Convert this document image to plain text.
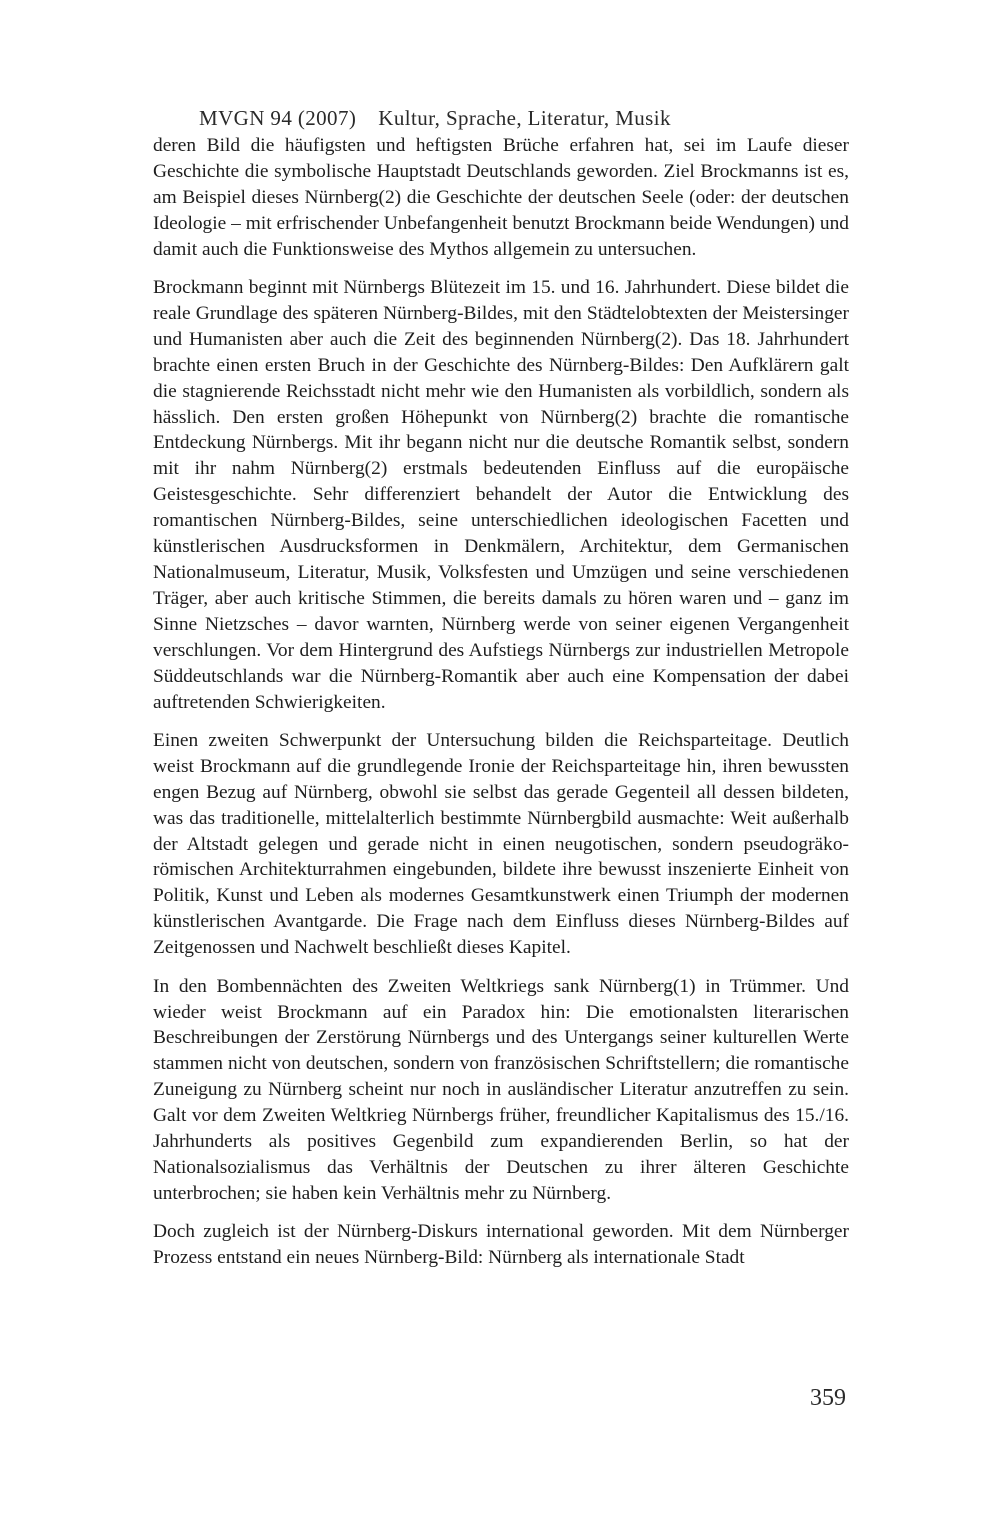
MVGN 94 (2007) Kultur, Sprache, Literatur, Musik

deren Bild die häufigsten und heftigsten Brüche erfahren hat, sei im Laufe dieser Geschichte die symbolische Hauptstadt Deutschlands geworden. Ziel Brockmanns ist es, am Beispiel dieses Nürnberg(2) die Geschichte der deutschen Seele (oder: der deutschen Ideologie – mit erfrischender Unbefangenheit benutzt Brockmann beide Wendungen) und damit auch die Funktionsweise des Mythos allgemein zu untersuchen.

Brockmann beginnt mit Nürnbergs Blütezeit im 15. und 16. Jahrhundert. Diese bildet die reale Grundlage des späteren Nürnberg-Bildes, mit den Städtelobtexten der Meistersinger und Humanisten aber auch die Zeit des beginnenden Nürnberg(2). Das 18. Jahrhundert brachte einen ersten Bruch in der Geschichte des Nürnberg-Bildes: Den Aufklärern galt die stagnierende Reichsstadt nicht mehr wie den Humanisten als vorbildlich, sondern als hässlich. Den ersten großen Höhepunkt von Nürnberg(2) brachte die romantische Entdeckung Nürnbergs. Mit ihr begann nicht nur die deutsche Romantik selbst, sondern mit ihr nahm Nürnberg(2) erstmals bedeutenden Einfluss auf die europäische Geistesgeschichte. Sehr differenziert behandelt der Autor die Entwicklung des romantischen Nürnberg-Bildes, seine unterschiedlichen ideologischen Facetten und künstlerischen Ausdrucksformen in Denkmälern, Architektur, dem Germanischen Nationalmuseum, Literatur, Musik, Volksfesten und Umzügen und seine verschiedenen Träger, aber auch kritische Stimmen, die bereits damals zu hören waren und – ganz im Sinne Nietzsches – davor warnten, Nürnberg werde von seiner eigenen Vergangenheit verschlungen. Vor dem Hintergrund des Aufstiegs Nürnbergs zur industriellen Metropole Süddeutschlands war die Nürnberg-Romantik aber auch eine Kompensation der dabei auftretenden Schwierigkeiten.

Einen zweiten Schwerpunkt der Untersuchung bilden die Reichsparteitage. Deutlich weist Brockmann auf die grundlegende Ironie der Reichsparteitage hin, ihren bewussten engen Bezug auf Nürnberg, obwohl sie selbst das gerade Gegenteil all dessen bildeten, was das traditionelle, mittelalterlich bestimmte Nürnbergbild ausmachte: Weit außerhalb der Altstadt gelegen und gerade nicht in einen neugotischen, sondern pseudogräko-römischen Architekturrahmen eingebunden, bildete ihre bewusst inszenierte Einheit von Politik, Kunst und Leben als modernes Gesamtkunstwerk einen Triumph der modernen künstlerischen Avantgarde. Die Frage nach dem Einfluss dieses Nürnberg-Bildes auf Zeitgenossen und Nachwelt beschließt dieses Kapitel.

In den Bombennächten des Zweiten Weltkriegs sank Nürnberg(1) in Trümmer. Und wieder weist Brockmann auf ein Paradox hin: Die emotionalsten literarischen Beschreibungen der Zerstörung Nürnbergs und des Untergangs seiner kulturellen Werte stammen nicht von deutschen, sondern von französischen Schriftstellern; die romantische Zuneigung zu Nürnberg scheint nur noch in ausländischer Literatur anzutreffen zu sein. Galt vor dem Zweiten Weltkrieg Nürnbergs früher, freundlicher Kapitalismus des 15./16. Jahrhunderts als positives Gegenbild zum expandierenden Berlin, so hat der Nationalsozialismus das Verhältnis der Deutschen zu ihrer älteren Geschichte unterbrochen; sie haben kein Verhältnis mehr zu Nürnberg.

Doch zugleich ist der Nürnberg-Diskurs international geworden. Mit dem Nürnberger Prozess entstand ein neues Nürnberg-Bild: Nürnberg als internationale Stadt

359
